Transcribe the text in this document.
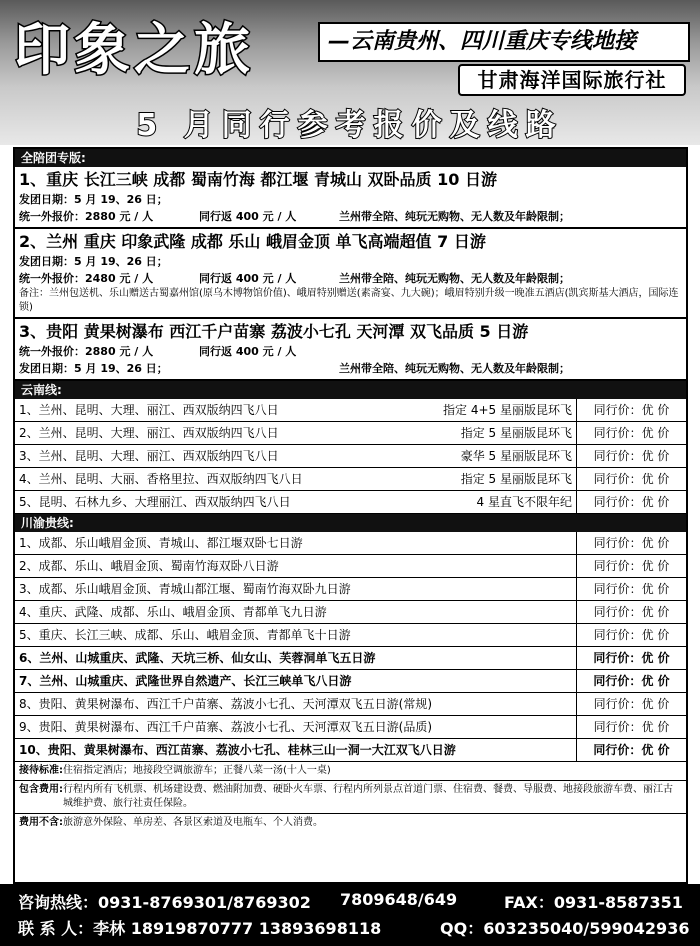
印象之旅	—云南贵州、四川重庆专线地接
甘肃海洋国际旅行社
5 月同行参考报价及线路
全陪团专版:
1、重庆 长江三峡 成都 蜀南竹海 都江堰 青城山 双卧品质 10 日游
发团日期：5 月 19、26 日；
统一外报价：2880 元 / 人	同行返 400 元 / 人	兰州带全陪、纯玩无购物、无人数及年龄限制；
2、兰州 重庆 印象武隆 成都 乐山 峨眉金顶 单飞高端超值 7 日游
发团日期：5 月 19、26 日；
统一外报价：2480 元 / 人	同行返 400 元 / 人	兰州带全陪、纯玩无购物、无人数及年龄限制；
备注：兰州包送机、乐山赠送古蜀嘉州馆(原乌木博物馆价值)、峨眉特别赠送(素斋宴、九大碗)；峨眉特别升级一晚准五酒店(凯宾斯基大酒店，国际连锁)
3、贵阳 黄果树瀑布 西江千户苗寨 荔波小七孔 天河潭 双飞品质 5 日游
统一外报价：2880 元 / 人	同行返 400 元 / 人
发团日期：5 月 19、26 日；	兰州带全陪、纯玩无购物、无人数及年龄限制；
云南线:
1、兰州、昆明、大理、丽江、西双版纳四飞八日	指定 4+5 星丽版昆环飞	同行价：优 价
2、兰州、昆明、大理、丽江、西双版纳四飞八日	指定 5 星丽版昆环飞	同行价：优 价
3、兰州、昆明、大理、丽江、西双版纳四飞八日	豪华 5 星丽版昆环飞	同行价：优 价
4、兰州、昆明、大丽、香格里拉、西双版纳四飞八日	指定 5 星丽版昆环飞	同行价：优 价
5、昆明、石林九乡、大理丽江、西双版纳四飞八日	4 星直飞不限年纪	同行价：优 价
川渝贵线:
1、成都、乐山峨眉金顶、青城山、都江堰双卧七日游	同行价：优 价
2、成都、乐山、峨眉金顶、蜀南竹海双卧八日游	同行价：优 价
3、成都、乐山峨眉金顶、青城山都江堰、蜀南竹海双卧九日游	同行价：优 价
4、重庆、武隆、成都、乐山、峨眉金顶、青都单飞九日游	同行价：优 价
5、重庆、长江三峡、成都、乐山、峨眉金顶、青都单飞十日游	同行价：优 价
6、兰州、山城重庆、武隆、天坑三桥、仙女山、芙蓉洞单飞五日游	同行价：优 价
7、兰州、山城重庆、武隆世界自然遗产、长江三峡单飞八日游	同行价：优 价
8、贵阳、黄果树瀑布、西江千户苗寨、荔波小七孔、天河潭双飞五日游(常规)	同行价：优 价
9、贵阳、黄果树瀑布、西江千户苗寨、荔波小七孔、天河潭双飞五日游(品质)	同行价：优 价
10、贵阳、黄果树瀑布、西江苗寨、荔波小七孔、桂林三山一洞一大江双飞八日游	同行价：优 价
接待标准: 住宿指定酒店；地接段空调旅游车；正餐八菜一汤(十人一桌)
包含费用: 行程内所有飞机票、机场建设费、燃油附加费、硬卧火车票、行程内所列景点首道门票、住宿费、餐费、导服费、地接段旅游车费、丽江古城维护费、旅行社责任保险。
费用不含: 旅游意外保险、单房差、各景区索道及电瓶车、个人消费。
咨询热线：0931-8769301/8769302 7809648/649	FAX：0931-8587351
联 系 人：李林 18919870777 13893698118	QQ：603235040/599042936
